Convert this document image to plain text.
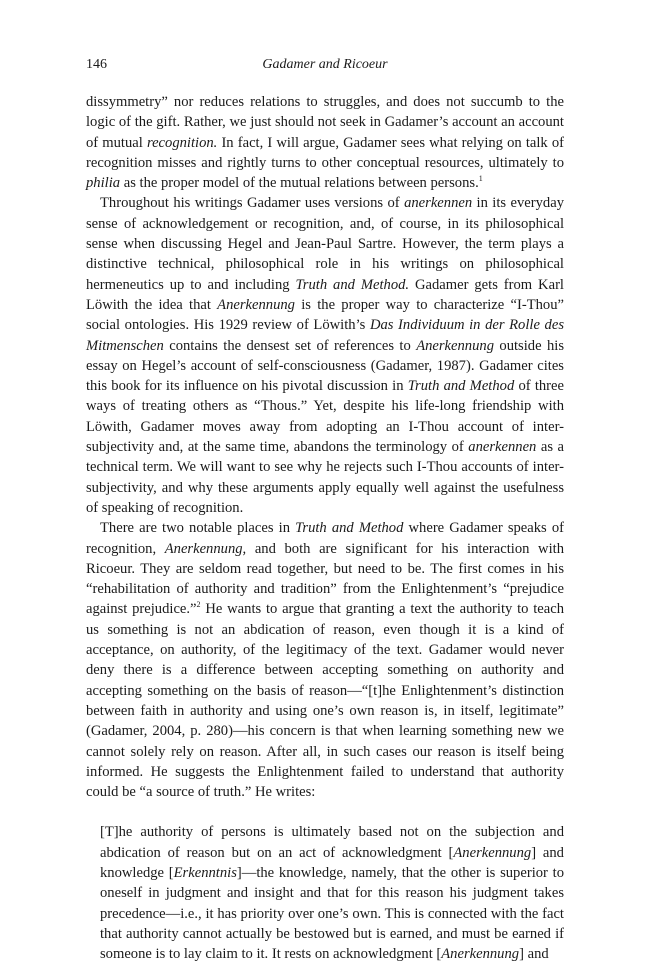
146	Gadamer and Ricoeur

dissymmetry” nor reduces relations to struggles, and does not succumb to the logic of the gift. Rather, we just should not seek in Gadamer’s account an account of mutual recognition. In fact, I will argue, Gadamer sees what relying on talk of recognition misses and rightly turns to other conceptual resources, ultimately to philia as the proper model of the mutual relations between persons.$^1$

Throughout his writings Gadamer uses versions of anerkennen in its everyday sense of acknowledgement or recognition, and, of course, in its philosophical sense when discussing Hegel and Jean-Paul Sartre. However, the term plays a distinctive technical, philosophical role in his writings on philosophical hermeneutics up to and including Truth and Method. Gadamer gets from Karl Löwith the idea that Anerkennung is the proper way to characterize “I-Thou” social ontologies. His 1929 review of Löwith’s Das Individuum in der Rolle des Mitmenschen contains the densest set of references to Anerkennung outside his essay on Hegel’s account of self-consciousness (Gadamer, 1987). Gadamer cites this book for its influence on his pivotal discussion in Truth and Method of three ways of treating others as “Thous.” Yet, despite his life-long friendship with Löwith, Gadamer moves away from adopting an I-Thou account of inter-subjectivity and, at the same time, abandons the terminology of anerkennen as a technical term. We will want to see why he rejects such I-Thou accounts of inter-subjectivity, and why these arguments apply equally well against the usefulness of speaking of recognition.

There are two notable places in Truth and Method where Gadamer speaks of recognition, Anerkennung, and both are significant for his interaction with Ricoeur. They are seldom read together, but need to be. The first comes in his “rehabilitation of authority and tradition” from the Enlightenment’s “prejudice against prejudice.”$^2$ He wants to argue that granting a text the authority to teach us something is not an abdication of reason, even though it is a kind of acceptance, on authority, of the legitimacy of the text. Gadamer would never deny there is a difference between accepting something on authority and accepting something on the basis of reason—“[t]he Enlightenment’s distinction between faith in authority and using one’s own reason is, in itself, legitimate” (Gadamer, 2004, p. 280)—his concern is that when learning something new we cannot solely rely on reason. After all, in such cases our reason is itself being informed. He suggests the Enlightenment failed to understand that authority could be “a source of truth.” He writes:

[T]he authority of persons is ultimately based not on the subjection and abdication of reason but on an act of acknowledgment [Anerkennung] and knowledge [Erkenntnis]—the knowledge, namely, that the other is superior to oneself in judgment and insight and that for this reason his judgment takes precedence—i.e., it has priority over one’s own. This is connected with the fact that authority cannot actually be bestowed but is earned, and must be earned if someone is to lay claim to it. It rests on acknowledgment [Anerkennung] and
